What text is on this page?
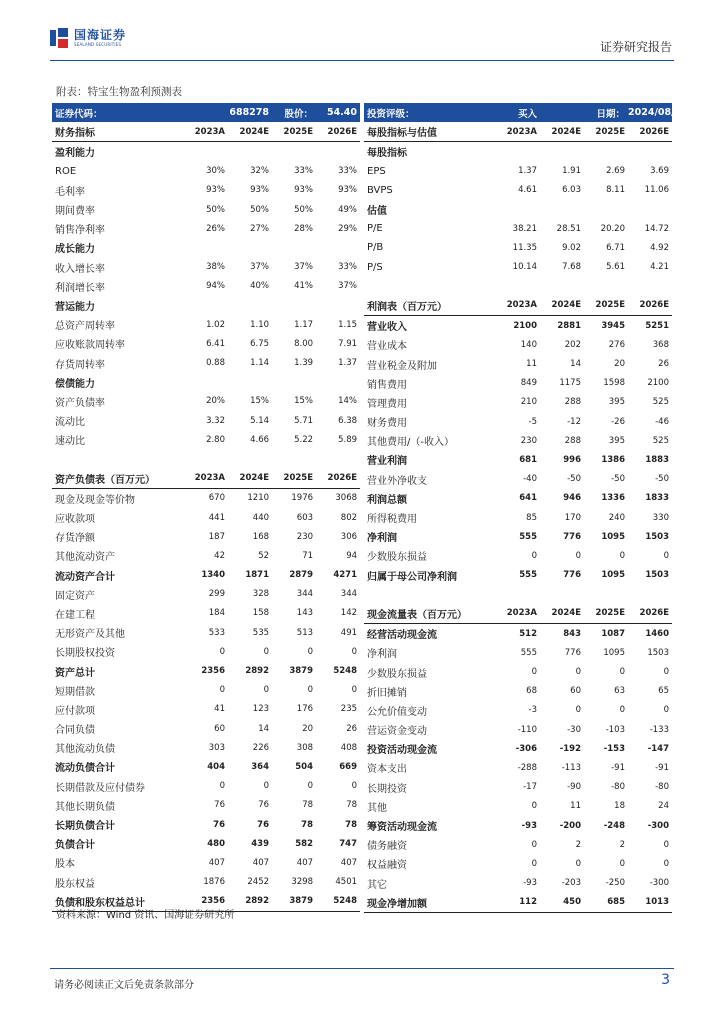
国海证券
SEALAND SECURITIES	证券研究报告
附表：特宝生物盈利预测表
证券代码：	688278		股价：	54.40
财务指标	2023A	2024E	2025E	2026E
盈利能力				
ROE	30%	32%	33%	33%
毛利率	93%	93%	93%	93%
期间费率	50%	50%	50%	49%
销售净利率	26%	27%	28%	29%
成长能力				
收入增长率	38%	37%	37%	33%
利润增长率	94%	40%	41%	37%
营运能力				
总资产周转率	1.02	1.10	1.17	1.15
应收账款周转率	6.41	6.75	8.00	7.91
存货周转率	0.88	1.14	1.39	1.37
偿债能力				
资产负债率	20%	15%	15%	14%
流动比	3.32	5.14	5.71	6.38
速动比	2.80	4.66	5.22	5.89

资产负债表（百万元）	2023A	2024E	2025E	2026E
现金及现金等价物	670	1210	1976	3068
应收款项	441	440	603	802
存货净额	187	168	230	306
其他流动资产	42	52	71	94
流动资产合计	1340	1871	2879	4271
固定资产	299	328	344	344
在建工程	184	158	143	142
无形资产及其他	533	535	513	491
长期股权投资	0	0	0	0
资产总计	2356	2892	3879	5248
短期借款	0	0	0	0
应付款项	41	123	176	235
合同负债	60	14	20	26
其他流动负债	303	226	308	408
流动负债合计	404	364	504	669
长期借款及应付债券	0	0	0	0
其他长期负债	76	76	78	78
长期负债合计	76	76	78	78
负债合计	480	439	582	747
股本	407	407	407	407
股东权益	1876	2452	3298	4501
负债和股东权益总计	2356	2892	3879	5248
投资评级：	买入		日期：	2024/08/22
每股指标与估值	2023A	2024E	2025E	2026E
每股指标				
EPS	1.37	1.91	2.69	3.69
BVPS	4.61	6.03	8.11	11.06
估值				
P/E	38.21	28.51	20.20	14.72
P/B	11.35	9.02	6.71	4.92
P/S	10.14	7.68	5.61	4.21

利润表（百万元）	2023A	2024E	2025E	2026E
营业收入	2100	2881	3945	5251
营业成本	140	202	276	368
营业税金及附加	11	14	20	26
销售费用	849	1175	1598	2100
管理费用	210	288	395	525
财务费用	-5	-12	-26	-46
其他费用/（-收入）	230	288	395	525
营业利润	681	996	1386	1883
营业外净收支	-40	-50	-50	-50
利润总额	641	946	1336	1833
所得税费用	85	170	240	330
净利润	555	776	1095	1503
少数股东损益	0	0	0	0
归属于母公司净利润	555	776	1095	1503

现金流量表（百万元）	2023A	2024E	2025E	2026E
经营活动现金流	512	843	1087	1460
净利润	555	776	1095	1503
少数股东损益	0	0	0	0
折旧摊销	68	60	63	65
公允价值变动	-3	0	0	0
营运资金变动	-110	-30	-103	-133
投资活动现金流	-306	-192	-153	-147
资本支出	-288	-113	-91	-91
长期投资	-17	-90	-80	-80
其他	0	11	18	24
筹资活动现金流	-93	-200	-248	-300
债务融资	0	2	2	0
权益融资	0	0	0	0
其它	-93	-203	-250	-300
现金净增加额	112	450	685	1013
资料来源：Wind 资讯、国海证券研究所
请务必阅读正文后免责条款部分	3
